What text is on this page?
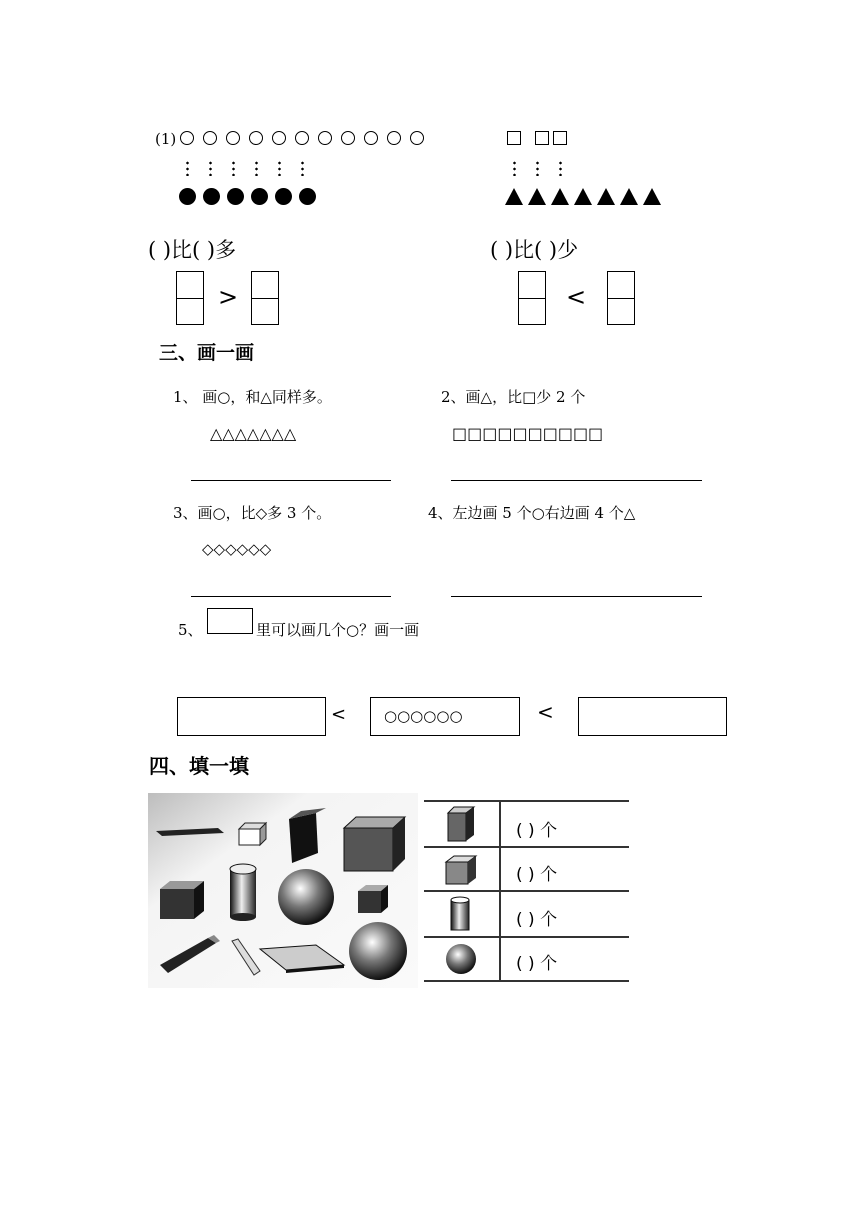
(1)
( )比( )多	( )比( )少
>	<
三、画一画
1、 画○，和△同样多。	2、画△，比□少 2 个
△△△△△△△	□□□□□□□□□□
3、画○，比◇多 3 个。	4、左边画 5 个○右边画 4 个△
◇◇◇◇◇◇
5、	里可以画几个○？画一画
<	○○○○○○	<
四、填一填
( ) 个
( ) 个
( ) 个
( ) 个
